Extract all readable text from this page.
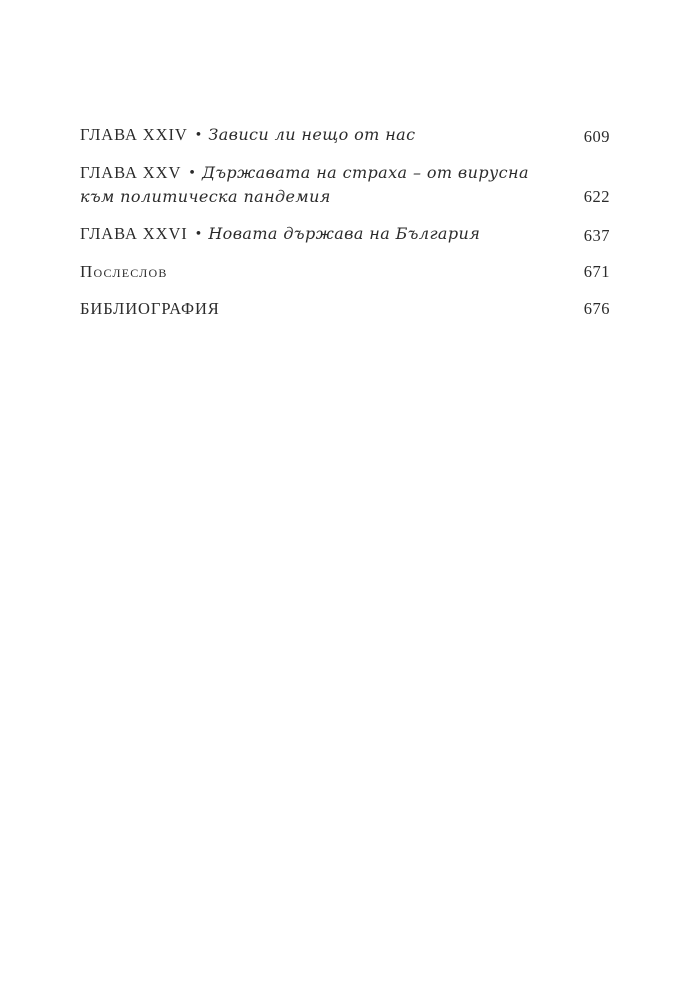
ГЛАВА XXIV • Зависи ли нещо от нас	609
ГЛАВА XXV • Държавата на страха – от вирусна към политическа пандемия	622
ГЛАВА XXVI • Новата държава на България	637
Послеслов	671
БИБЛИОГРАФИЯ	676
